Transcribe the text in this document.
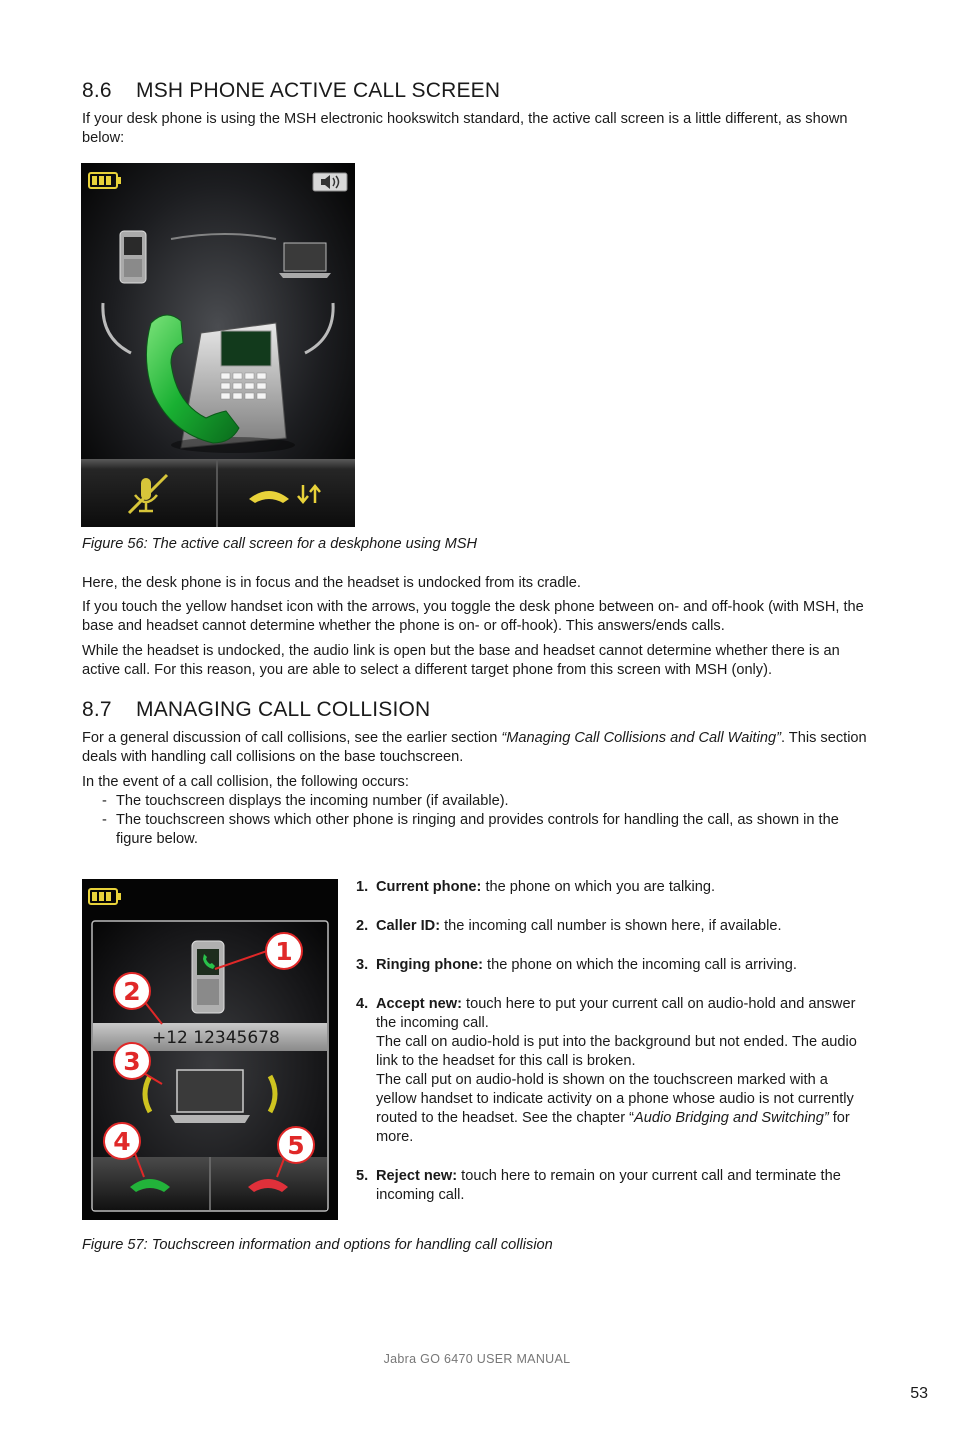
8.6 MSH PHONE ACTIVE CALL SCREEN

If your desk phone is using the MSH electronic hookswitch standard, the active call screen is a little different, as shown below:

Figure 56: The active call screen for a deskphone using MSH

Here, the desk phone is in focus and the headset is undocked from its cradle.

If you touch the yellow handset icon with the arrows, you toggle the desk phone between on- and off-hook (with MSH, the base and headset cannot determine whether the phone is on- or off-hook). This answers/ends calls.

While the headset is undocked, the audio link is open but the base and headset cannot determine whether there is an active call. For this reason, you are able to select a different target phone from this screen with MSH (only).

8.7 MANAGING CALL COLLISION

For a general discussion of call collisions, see the earlier section “Managing Call Collisions and Call Waiting”. This section deals with handling call collisions on the base touchscreen.

In the event of a call collision, the following occurs:

- The touchscreen displays the incoming number (if available).
- The touchscreen shows which other phone is ringing and provides controls for handling the call, as shown in the figure below.
+12 12345678
1
2
3
4	5
1. Current phone: the phone on which you are talking.
2. Caller ID: the incoming call number is shown here, if available.
3. Ringing phone: the phone on which the incoming call is arriving.
4. Accept new: touch here to put your current call on audio-hold and answer the incoming call.
The call on audio-hold is put into the background but not ended. The audio link to the headset for this call is broken.
The call put on audio-hold is shown on the touchscreen marked with a yellow handset to indicate activity on a phone whose audio is not currently routed to the headset. See the chapter “Audio Bridging and Switching” for more.
5. Reject new: touch here to remain on your current call and terminate the incoming call.

Figure 57: Touchscreen information and options for handling call collision

Jabra GO 6470 USER MANUAL
53
